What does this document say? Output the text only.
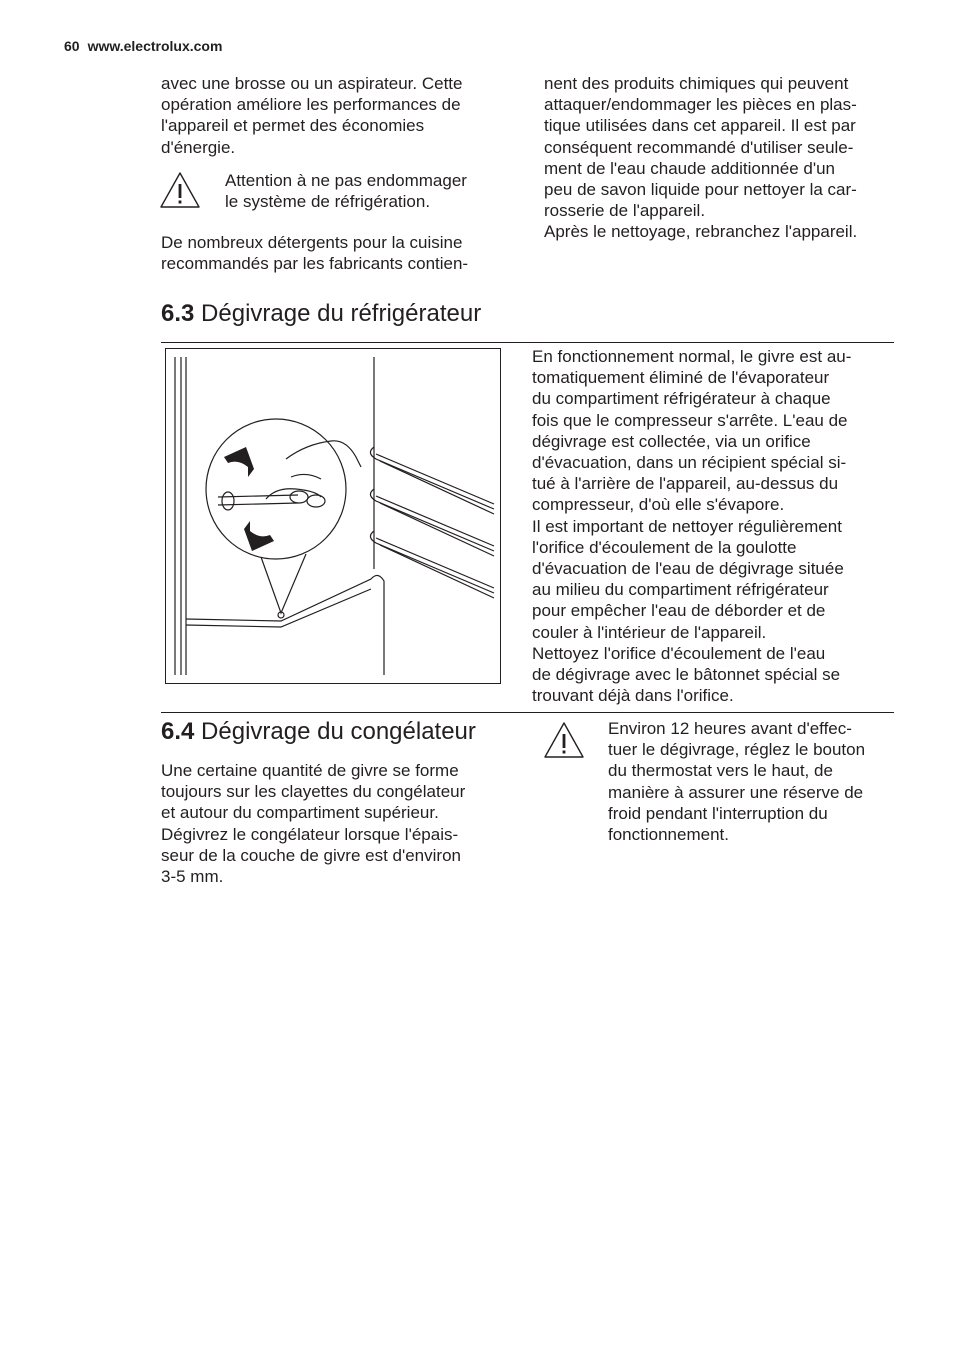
60 www.electrolux.com

avec une brosse ou un aspirateur. Cette
opération améliore les performances de
l'appareil et permet des économies
d'énergie.

Attention à ne pas endommager
le système de réfrigération.

De nombreux détergents pour la cuisine
recommandés par les fabricants contien-

nent des produits chimiques qui peuvent
attaquer/endommager les pièces en plas-
tique utilisées dans cet appareil. Il est par
conséquent recommandé d'utiliser seule-
ment de l'eau chaude additionnée d'un
peu de savon liquide pour nettoyer la car-
rosserie de l'appareil.
Après le nettoyage, rebranchez l'appareil.

6.3 Dégivrage du réfrigérateur

En fonctionnement normal, le givre est au-
tomatiquement éliminé de l'évaporateur
du compartiment réfrigérateur à chaque
fois que le compresseur s'arrête. L'eau de
dégivrage est collectée, via un orifice
d'évacuation, dans un récipient spécial si-
tué à l'arrière de l'appareil, au-dessus du
compresseur, d'où elle s'évapore.
Il est important de nettoyer régulièrement
l'orifice d'écoulement de la goulotte
d'évacuation de l'eau de dégivrage située
au milieu du compartiment réfrigérateur
pour empêcher l'eau de déborder et de
couler à l'intérieur de l'appareil.
Nettoyez l'orifice d'écoulement de l'eau
de dégivrage avec le bâtonnet spécial se
trouvant déjà dans l'orifice.

6.4 Dégivrage du congélateur

Une certaine quantité de givre se forme
toujours sur les clayettes du congélateur
et autour du compartiment supérieur.
Dégivrez le congélateur lorsque l'épais-
seur de la couche de givre est d'environ
3-5 mm.

Environ 12 heures avant d'effec-
tuer le dégivrage, réglez le bouton
du thermostat vers le haut, de
manière à assurer une réserve de
froid pendant l'interruption du
fonctionnement.
